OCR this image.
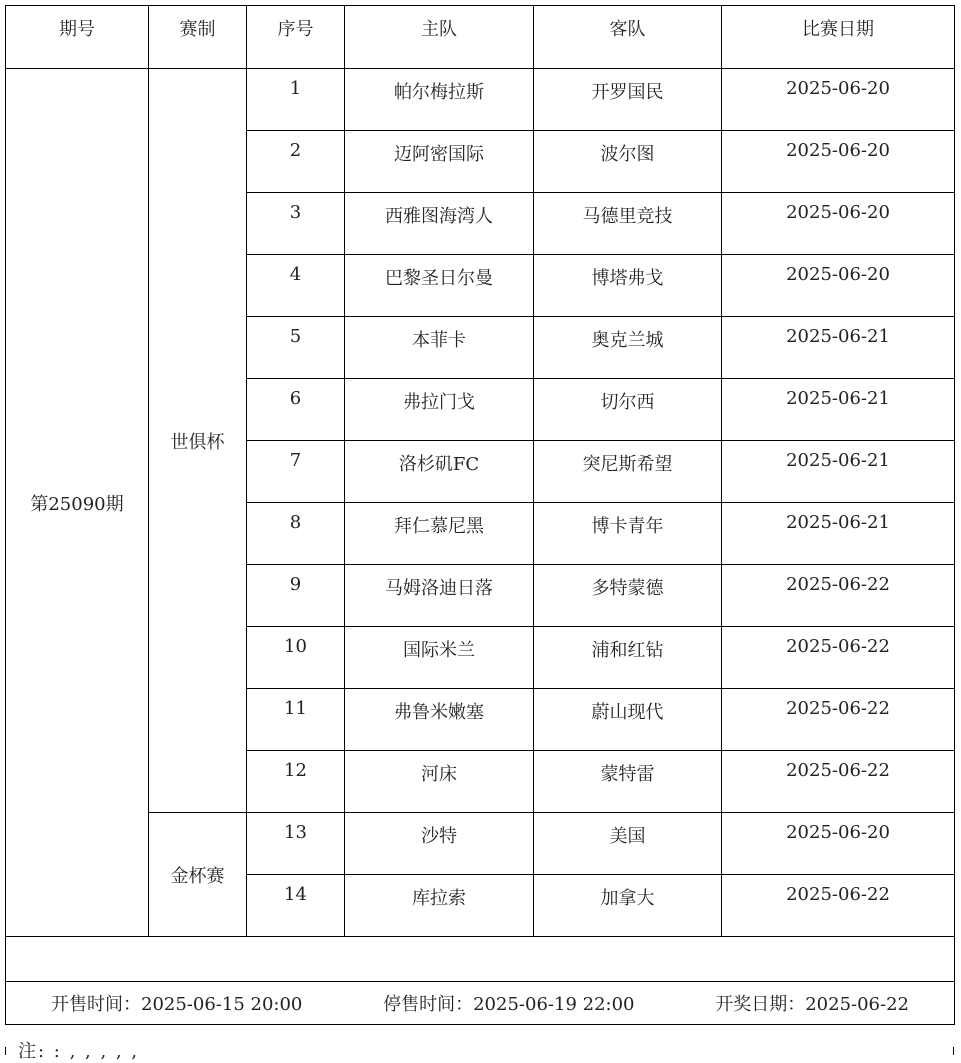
期号	赛制	序号	主队	客队	比赛日期
第25090期	世俱杯	1	帕尔梅拉斯	开罗国民	2025-06-20
		2	迈阿密国际	波尔图	2025-06-20
		3	西雅图海湾人	马德里竞技	2025-06-20
		4	巴黎圣日尔曼	博塔弗戈	2025-06-20
		5	本菲卡	奥克兰城	2025-06-21
		6	弗拉门戈	切尔西	2025-06-21
		7	洛杉矶FC	突尼斯希望	2025-06-21
		8	拜仁慕尼黑	博卡青年	2025-06-21
		9	马姆洛迪日落	多特蒙德	2025-06-22
		10	国际米兰	浦和红钻	2025-06-22
		11	弗鲁米嫩塞	蔚山现代	2025-06-22
		12	河床	蒙特雷	2025-06-22
	金杯赛	13	沙特	美国	2025-06-20
		14	库拉索	加拿大	2025-06-22

开售时间：2025-06-15 20:00 停售时间：2025-06-19 22:00 开奖日期：2025-06-22					
注: : , , , , ,
